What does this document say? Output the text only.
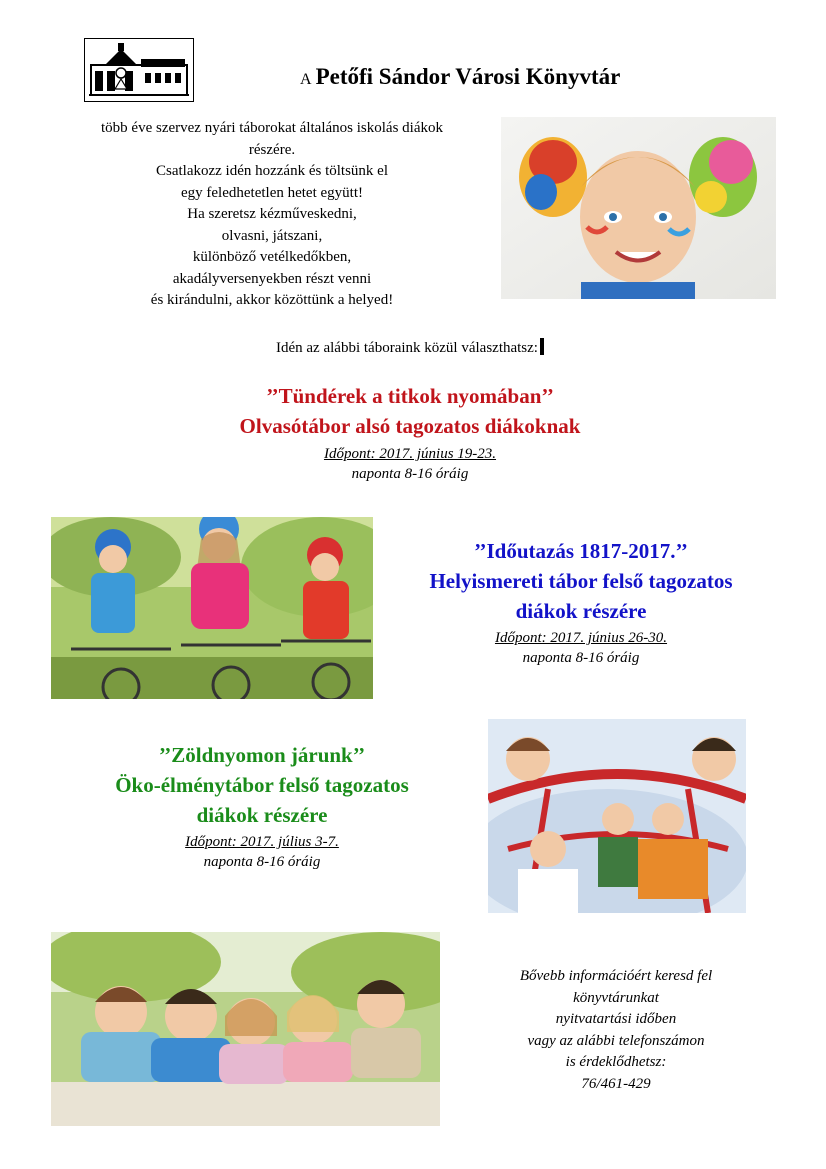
A Petőfi Sándor Városi Könyvtár
több éve szervez nyári táborokat általános iskolás diákok
részére.
Csatlakozz idén hozzánk és töltsünk el
egy feledhetetlen hetet együtt!
Ha szeretsz kézműveskedni,
olvasni, játszani,
különböző vetélkedőkben,
akadályversenyekben részt venni
és kirándulni, akkor közöttünk a helyed!
Idén az alábbi táboraink közül választhatsz:
’’Tündérek a titkok nyomában’’
Olvasótábor alsó tagozatos diákoknak
Időpont: 2017. június 19-23.
naponta 8-16 óráig
’’Időutazás 1817-2017.’’
Helyismereti tábor felső tagozatos
diákok részére
Időpont: 2017. június 26-30.
naponta 8-16 óráig
’’Zöldnyomon járunk’’
Öko-élménytábor felső tagozatos
diákok részére
Időpont: 2017. július 3-7.
naponta 8-16 óráig
Bővebb információért keresd fel
könyvtárunkat
nyitvatartási időben
vagy az alábbi telefonszámon
is érdeklődhetsz:
76/461-429
